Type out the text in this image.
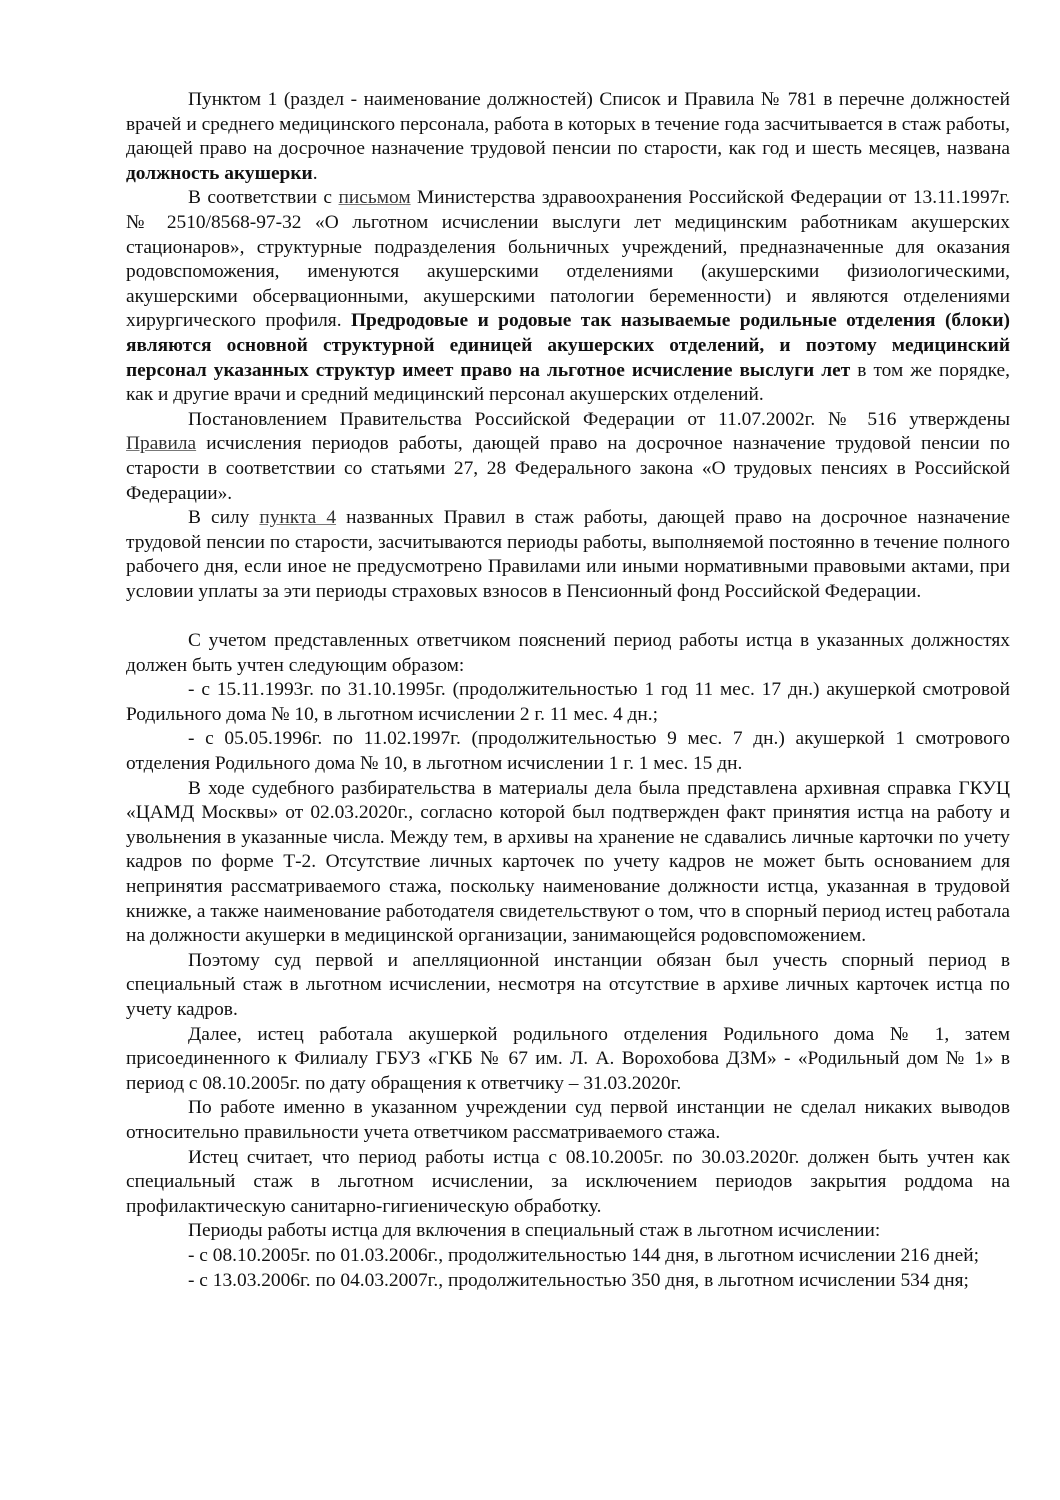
Пунктом 1 (раздел - наименование должностей) Список и Правила № 781 в перечне должностей врачей и среднего медицинского персонала, работа в которых в течение года засчитывается в стаж работы, дающей право на досрочное назначение трудовой пенсии по старости, как год и шесть месяцев, названа должность акушерки.

В соответствии с письмом Министерства здравоохранения Российской Федерации от 13.11.1997г. № 2510/8568-97-32 «О льготном исчислении выслуги лет медицинским работникам акушерских стационаров», структурные подразделения больничных учреждений, предназначенные для оказания родовспоможения, именуются акушерскими отделениями (акушерскими физиологическими, акушерскими обсервационными, акушерскими патологии беременности) и являются отделениями хирургического профиля. Предродовые и родовые так называемые родильные отделения (блоки) являются основной структурной единицей акушерских отделений, и поэтому медицинский персонал указанных структур имеет право на льготное исчисление выслуги лет в том же порядке, как и другие врачи и средний медицинский персонал акушерских отделений.

Постановлением Правительства Российской Федерации от 11.07.2002г. № 516 утверждены Правила исчисления периодов работы, дающей право на досрочное назначение трудовой пенсии по старости в соответствии со статьями 27, 28 Федерального закона «О трудовых пенсиях в Российской Федерации».

В силу пункта 4 названных Правил в стаж работы, дающей право на досрочное назначение трудовой пенсии по старости, засчитываются периоды работы, выполняемой постоянно в течение полного рабочего дня, если иное не предусмотрено Правилами или иными нормативными правовыми актами, при условии уплаты за эти периоды страховых взносов в Пенсионный фонд Российской Федерации.

С учетом представленных ответчиком пояснений период работы истца в указанных должностях должен быть учтен следующим образом:

- с 15.11.1993г. по 31.10.1995г. (продолжительностью 1 год 11 мес. 17 дн.) акушеркой смотровой Родильного дома № 10, в льготном исчислении 2 г. 11 мес. 4 дн.;

- с 05.05.1996г. по 11.02.1997г. (продолжительностью 9 мес. 7 дн.) акушеркой 1 смотрового отделения Родильного дома № 10, в льготном исчислении 1 г. 1 мес. 15 дн.

В ходе судебного разбирательства в материалы дела была представлена архивная справка ГКУЦ «ЦАМД Москвы» от 02.03.2020г., согласно которой был подтвержден факт принятия истца на работу и увольнения в указанные числа. Между тем, в архивы на хранение не сдавались личные карточки по учету кадров по форме Т-2. Отсутствие личных карточек по учету кадров не может быть основанием для непринятия рассматриваемого стажа, поскольку наименование должности истца, указанная в трудовой книжке, а также наименование работодателя свидетельствуют о том, что в спорный период истец работала на должности акушерки в медицинской организации, занимающейся родовспоможением.

Поэтому суд первой и апелляционной инстанции обязан был учесть спорный период в специальный стаж в льготном исчислении, несмотря на отсутствие в архиве личных карточек истца по учету кадров.

Далее, истец работала акушеркой родильного отделения Родильного дома № 1, затем присоединенного к Филиалу ГБУЗ «ГКБ № 67 им. Л. А. Ворохобова ДЗМ» - «Родильный дом № 1» в период с 08.10.2005г. по дату обращения к ответчику – 31.03.2020г.

По работе именно в указанном учреждении суд первой инстанции не сделал никаких выводов относительно правильности учета ответчиком рассматриваемого стажа.

Истец считает, что период работы истца с 08.10.2005г. по 30.03.2020г. должен быть учтен как специальный стаж в льготном исчислении, за исключением периодов закрытия роддома на профилактическую санитарно-гигиеническую обработку.

Периоды работы истца для включения в специальный стаж в льготном исчислении:

- с 08.10.2005г. по 01.03.2006г., продолжительностью 144 дня, в льготном исчислении 216 дней;

- с 13.03.2006г. по 04.03.2007г., продолжительностью 350 дня, в льготном исчислении 534 дня;
